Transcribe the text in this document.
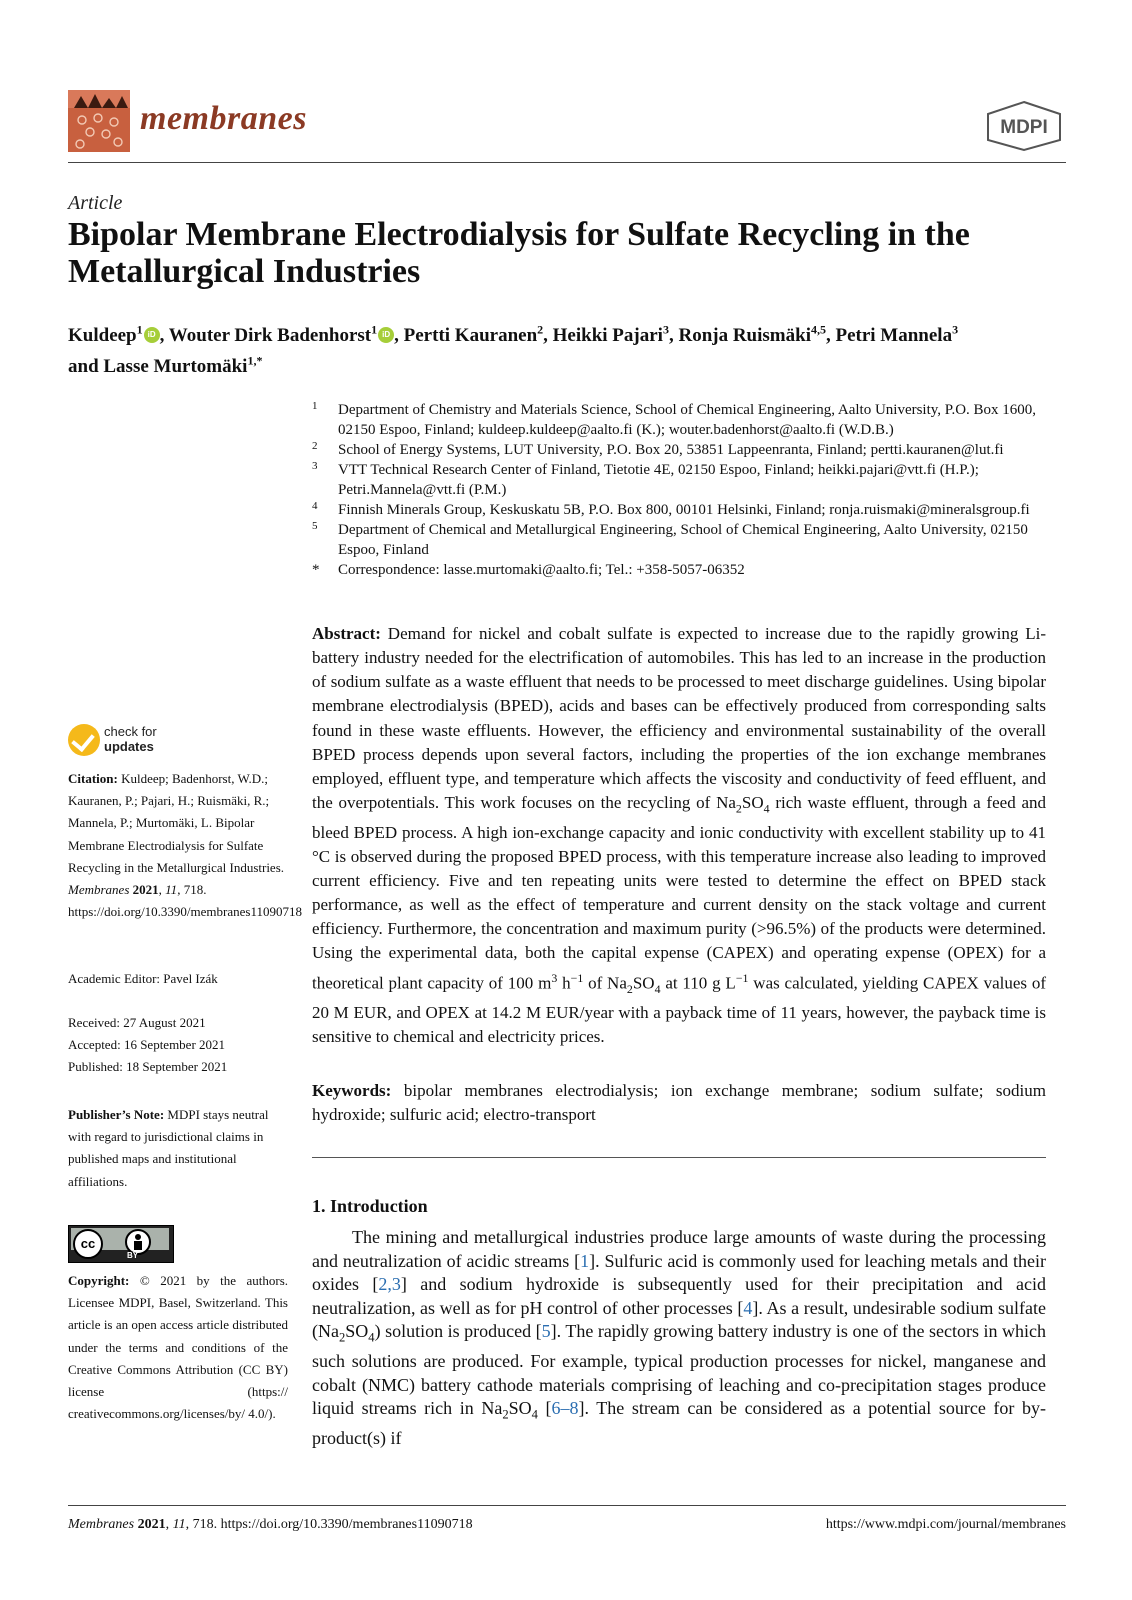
membranes	MDPI
Article
Bipolar Membrane Electrodialysis for Sulfate Recycling in the Metallurgical Industries
Kuldeep$^1$ iD , Wouter Dirk Badenhorst$^1$ iD , Pertti Kauranen$^2$, Heikki Pajari$^3$, Ronja Ruismäki$^{4,5}$, Petri Mannela$^3$
and Lasse Murtomäki$^{1,*}$
1 Department of Chemistry and Materials Science, School of Chemical Engineering, Aalto University, P.O. Box 1600, 02150 Espoo, Finland; kuldeep.kuldeep@aalto.fi (K.); wouter.badenhorst@aalto.fi (W.D.B.)
2 School of Energy Systems, LUT University, P.O. Box 20, 53851 Lappeenranta, Finland; pertti.kauranen@lut.fi
3 VTT Technical Research Center of Finland, Tietotie 4E, 02150 Espoo, Finland; heikki.pajari@vtt.fi (H.P.); Petri.Mannela@vtt.fi (P.M.)
4 Finnish Minerals Group, Keskuskatu 5B, P.O. Box 800, 00101 Helsinki, Finland; ronja.ruismaki@mineralsgroup.fi
5 Department of Chemical and Metallurgical Engineering, School of Chemical Engineering, Aalto University, 02150 Espoo, Finland
* Correspondence: lasse.murtomaki@aalto.fi; Tel.: +358-5057-06352

Abstract: Demand for nickel and cobalt sulfate is expected to increase due to the rapidly growing Li-battery industry needed for the electrification of automobiles. This has led to an increase in the production of sodium sulfate as a waste effluent that needs to be processed to meet discharge guidelines. Using bipolar membrane electrodialysis (BPED), acids and bases can be effectively produced from corresponding salts found in these waste effluents. However, the efficiency and environmental sustainability of the overall BPED process depends upon several factors, including the properties of the ion exchange membranes employed, effluent type, and temperature which affects the viscosity and conductivity of feed effluent, and the overpotentials. This work focuses on the recycling of $Na_2SO_4$ rich waste effluent, through a feed and bleed BPED process. A high ion-exchange capacity and ionic conductivity with excellent stability up to 41 °C is observed during the proposed BPED process, with this temperature increase also leading to improved current efficiency. Five and ten repeating units were tested to determine the effect on BPED stack performance, as well as the effect of temperature and current density on the stack voltage and current efficiency. Furthermore, the concentration and maximum purity (>96.5%) of the products were determined. Using the experimental data, both the capital expense (CAPEX) and operating expense (OPEX) for a theoretical plant capacity of 100 $m^3$ $h^{-1}$ of $Na_2SO_4$ at 110 g $L^{-1}$ was calculated, yielding CAPEX values of 20 M EUR, and OPEX at 14.2 M EUR/year with a payback time of 11 years, however, the payback time is sensitive to chemical and electricity prices.

Keywords: bipolar membranes electrodialysis; ion exchange membrane; sodium sulfate; sodium hydroxide; sulfuric acid; electro-transport

1. Introduction

The mining and metallurgical industries produce large amounts of waste during the processing and neutralization of acidic streams [1]. Sulfuric acid is commonly used for leaching metals and their oxides [2,3] and sodium hydroxide is subsequently used for their precipitation and acid neutralization, as well as for pH control of other processes [4]. As a result, undesirable sodium sulfate $(Na_2SO_4)$ solution is produced [5]. The rapidly growing battery industry is one of the sectors in which such solutions are produced. For example, typical production processes for nickel, manganese and cobalt (NMC) battery cathode materials comprising of leaching and co-precipitation stages produce liquid streams rich in $Na_2SO_4$ [6–8]. The stream can be considered as a potential source for by-product(s) if

check for
updates

Citation: Kuldeep; Badenhorst, W.D.; Kauranen, P.; Pajari, H.; Ruismäki, R.; Mannela, P.; Murtomäki, L. Bipolar Membrane Electrodialysis for Sulfate Recycling in the Metallurgical Industries. Membranes 2021, 11, 718. https://doi.org/10.3390/membranes11090718

Academic Editor: Pavel Izák

Received: 27 August 2021

Accepted: 16 September 2021

Published: 18 September 2021

Publisher’s Note: MDPI stays neutral with regard to jurisdictional claims in published maps and institutional affiliations.

cc
BY

Copyright: © 2021 by the authors. Licensee MDPI, Basel, Switzerland. This article is an open access article distributed under the terms and conditions of the Creative Commons Attribution (CC BY) license (https:// creativecommons.org/licenses/by/ 4.0/).

Membranes 2021, 11, 718. https://doi.org/10.3390/membranes11090718	https://www.mdpi.com/journal/membranes
